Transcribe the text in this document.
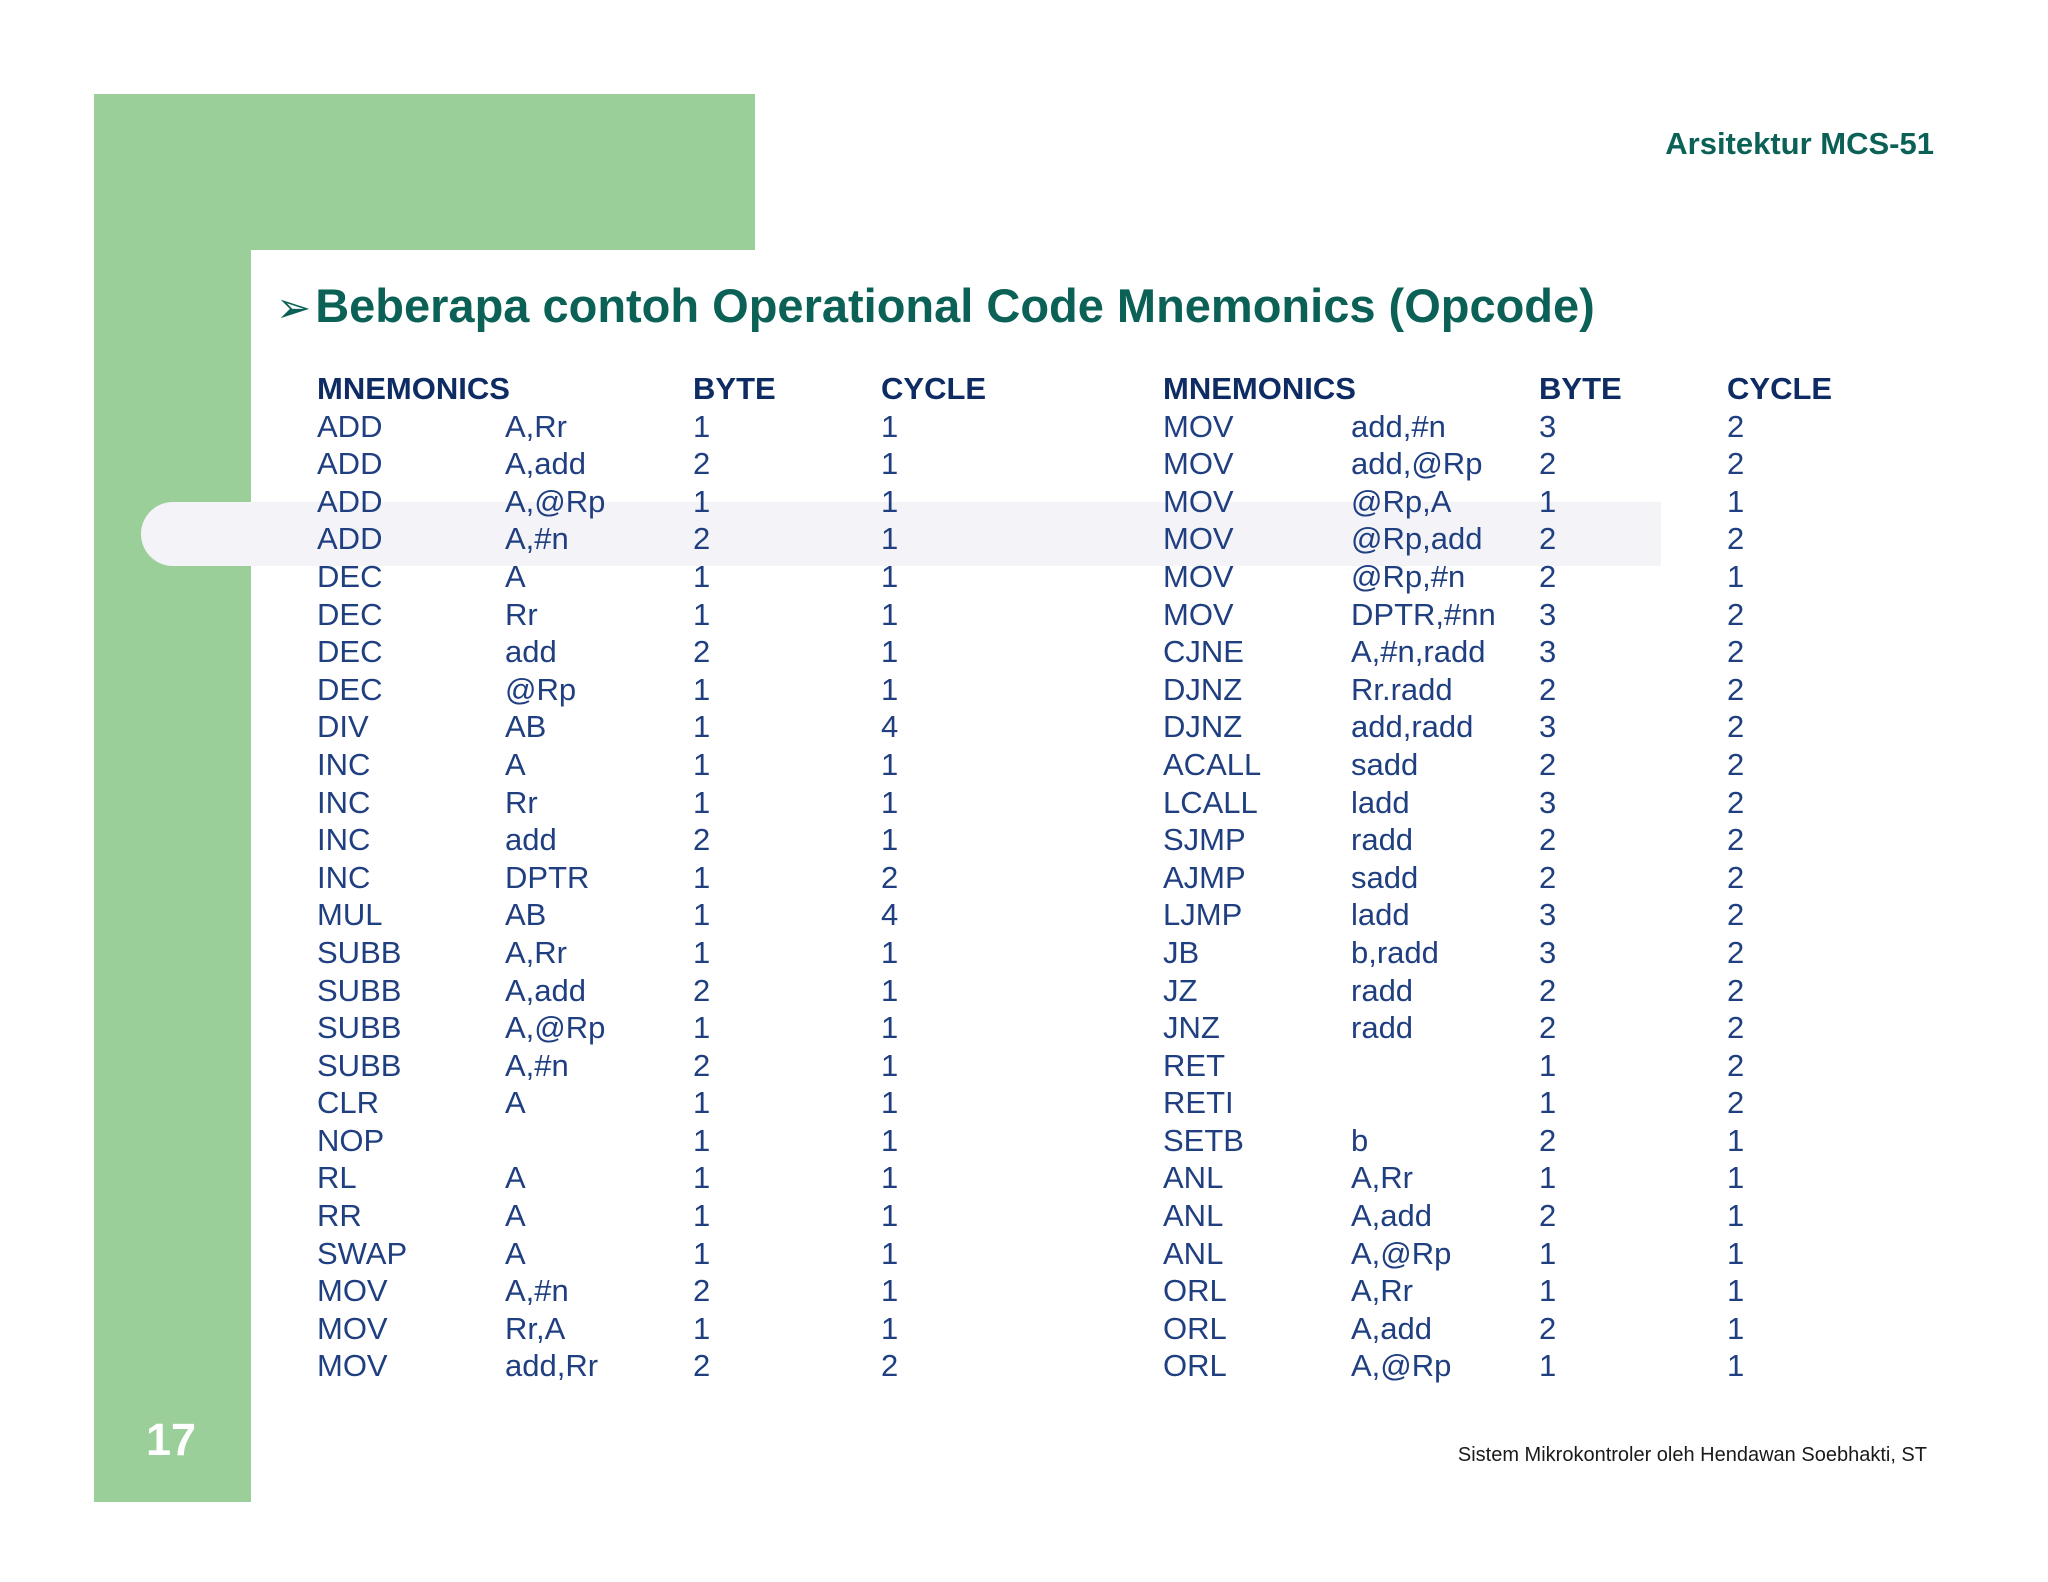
Arsitektur MCS-51
➢Beberapa contoh Operational Code Mnemonics (Opcode)
MNEMONICS	BYTE	CYCLE
ADD	A,Rr	1	1
ADD	A,add	2	1
ADD	A,@Rp	1	1
ADD	A,#n	2	1
DEC	A	1	1
DEC	Rr	1	1
DEC	add	2	1
DEC	@Rp	1	1
DIV	AB	1	4
INC	A	1	1
INC	Rr	1	1
INC	add	2	1
INC	DPTR	1	2
MUL	AB	1	4
SUBB	A,Rr	1	1
SUBB	A,add	2	1
SUBB	A,@Rp	1	1
SUBB	A,#n	2	1
CLR	A	1	1
NOP	1	1
RL	A	1	1
RR	A	1	1
SWAP	A	1	1
MOV	A,#n	2	1
MOV	Rr,A	1	1
MOV	add,Rr	2	2
MNEMONICS	BYTE	CYCLE
MOV	add,#n	3	2
MOV	add,@Rp 2	2
MOV	@Rp,A	1	1
MOV	@Rp,add 2	2
MOV	@Rp,#n 2	1
MOV	DPTR,#nn 3	2
CJNE	A,#n,radd 3	2
DJNZ	Rr.radd	2	2
DJNZ	add,radd 3	2
ACALL	sadd	2	2
LCALL	ladd	3	2
SJMP	radd	2	2
AJMP	sadd	2	2
LJMP	ladd	3	2
JB	b,radd	3	2
JZ	radd	2	2
JNZ	radd	2	2
RET	1	2
RETI	1	2
SETB	b	2	1
ANL	A,Rr	1	1
ANL	A,add	2	1
ANL	A,@Rp	1	1
ORL	A,Rr	1	1
ORL	A,add	2	1
ORL	A,@Rp	1	1
17	Sistem Mikrokontroler oleh Hendawan Soebhakti, ST
